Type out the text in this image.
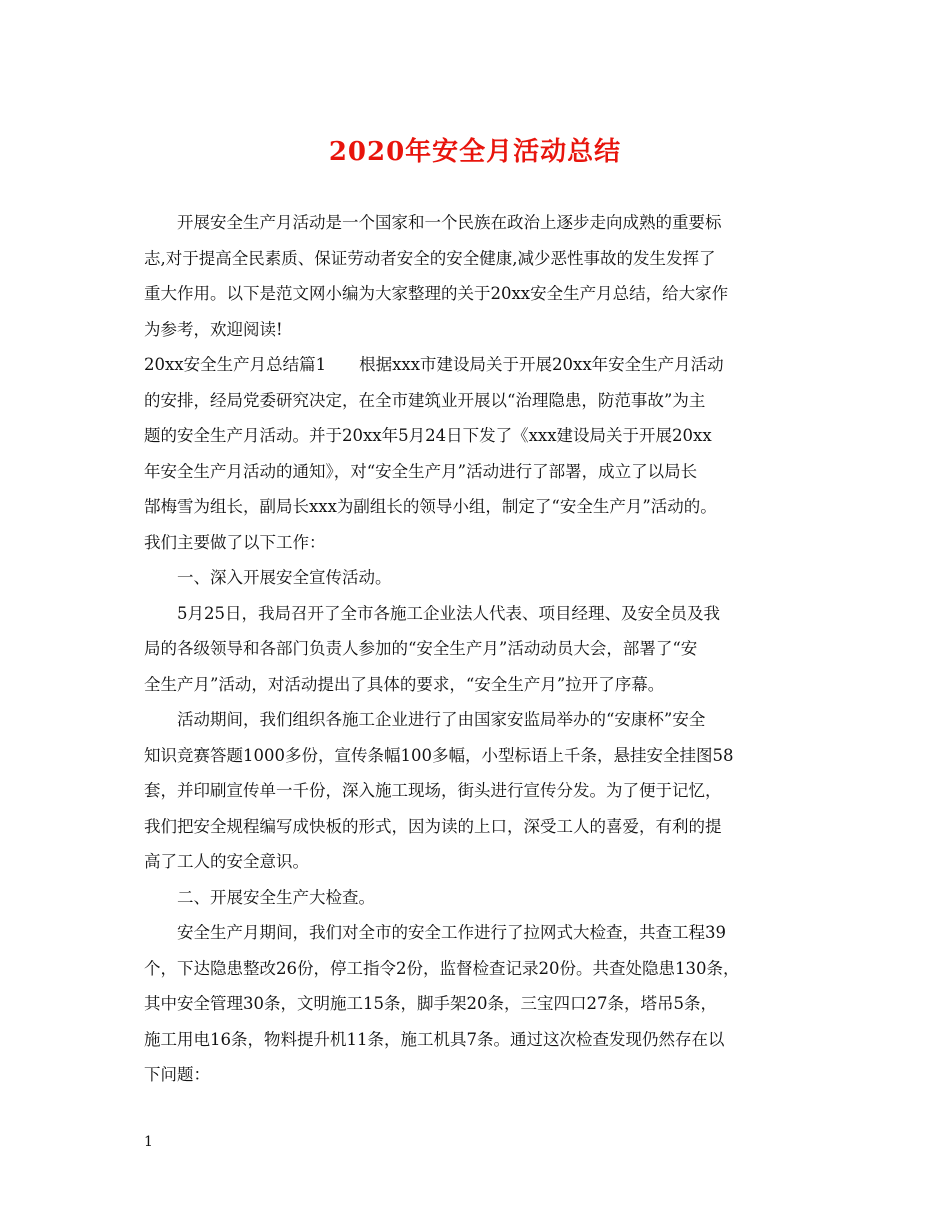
2020年安全月活动总结
　　开展安全生产月活动是一个国家和一个民族在政治上逐步走向成熟的重要标
志,对于提高全民素质、保证劳动者安全的安全健康,减少恶性事故的发生发挥了
重大作用。以下是范文网小编为大家整理的关于20xx安全生产月总结，给大家作
为参考，欢迎阅读!
20xx安全生产月总结篇1　　根据xxx市建设局关于开展20xx年安全生产月活动
的安排，经局党委研究决定，在全市建筑业开展以“治理隐患，防范事故”为主
题的安全生产月活动。并于20xx年5月24日下发了《xxx建设局关于开展20xx
年安全生产月活动的通知》，对“安全生产月”活动进行了部署，成立了以局长
郜梅雪为组长，副局长xxx为副组长的领导小组，制定了“安全生产月”活动的。
我们主要做了以下工作：
　　一、深入开展安全宣传活动。
　　5月25日，我局召开了全市各施工企业法人代表、项目经理、及安全员及我
局的各级领导和各部门负责人参加的“安全生产月”活动动员大会，部署了“安
全生产月”活动，对活动提出了具体的要求，“安全生产月”拉开了序幕。
　　活动期间，我们组织各施工企业进行了由国家安监局举办的“安康杯”安全
知识竞赛答题1000多份，宣传条幅100多幅，小型标语上千条，悬挂安全挂图58
套，并印刷宣传单一千份，深入施工现场，街头进行宣传分发。为了便于记忆，
我们把安全规程编写成快板的形式，因为读的上口，深受工人的喜爱，有利的提
高了工人的安全意识。
　　二、开展安全生产大检查。
　　安全生产月期间，我们对全市的安全工作进行了拉网式大检查，共查工程39
个，下达隐患整改26份，停工指令2份，监督检查记录20份。共查处隐患130条，
其中安全管理30条，文明施工15条，脚手架20条，三宝四口27条，塔吊5条，
施工用电16条，物料提升机11条，施工机具7条。通过这次检查发现仍然存在以
下问题：
1
